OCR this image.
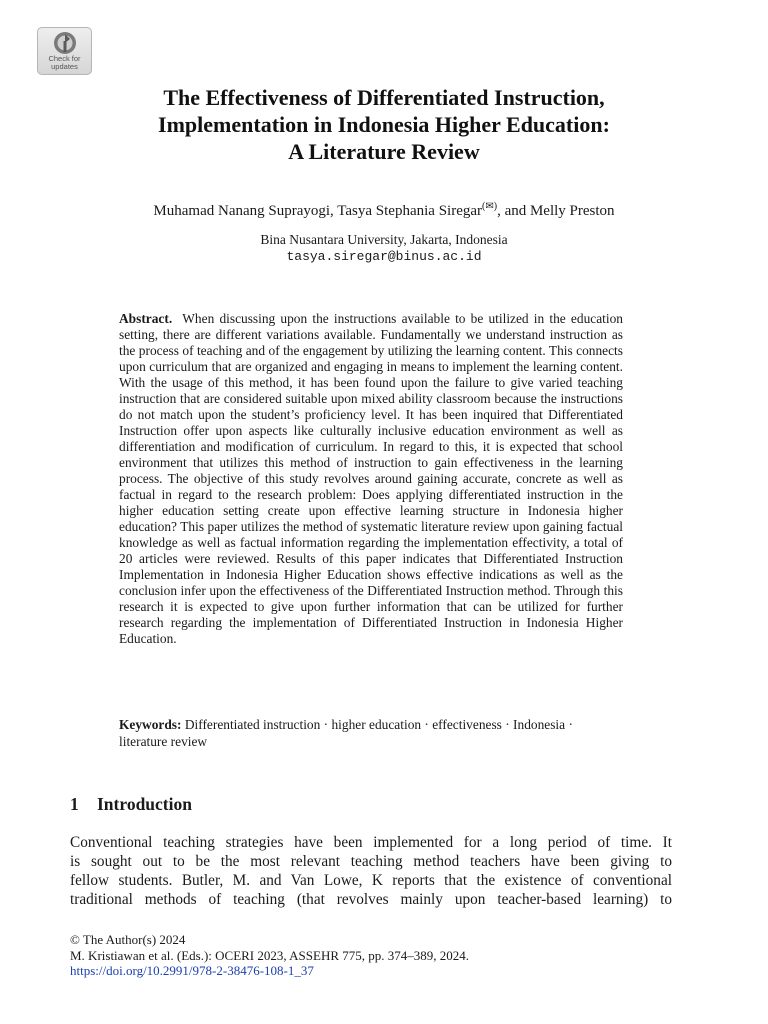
Check for
updates
The Effectiveness of Differentiated Instruction,
Implementation in Indonesia Higher Education:
A Literature Review
Muhamad Nanang Suprayogi, Tasya Stephania Siregar(✉), and Melly Preston
Bina Nusantara University, Jakarta, Indonesia
tasya.siregar@binus.ac.id
Abstract. When discussing upon the instructions available to be utilized in the education setting, there are different variations available. Fundamentally we understand instruction as the process of teaching and of the engagement by utilizing the learning content. This connects upon curriculum that are organized and engaging in means to implement the learning content. With the usage of this method, it has been found upon the failure to give varied teaching instruction that are considered suitable upon mixed ability classroom because the instructions do not match upon the student’s proficiency level. It has been inquired that Differentiated Instruction offer upon aspects like culturally inclusive education environment as well as differentiation and modification of curriculum. In regard to this, it is expected that school environment that utilizes this method of instruction to gain effectiveness in the learning process. The objective of this study revolves around gaining accurate, concrete as well as factual in regard to the research problem: Does applying differentiated instruction in the higher education setting create upon effective learning structure in Indonesia higher education? This paper utilizes the method of systematic literature review upon gaining factual knowledge as well as factual information regarding the implementation effectivity, a total of 20 articles were reviewed. Results of this paper indicates that Differentiated Instruction Implementation in Indonesia Higher Education shows effective indications as well as the conclusion infer upon the effectiveness of the Differentiated Instruction method. Through this research it is expected to give upon further information that can be utilized for further research regarding the implementation of Differentiated Instruction in Indonesia Higher Education.
Keywords: Differentiated instruction · higher education · effectiveness · Indonesia · literature review
1 Introduction
Conventional teaching strategies have been implemented for a long period of time. It
is sought out to be the most relevant teaching method teachers have been giving to
fellow students. Butler, M. and Van Lowe, K reports that the existence of conventional
traditional methods of teaching (that revolves mainly upon teacher-based learning) to
© The Author(s) 2024
M. Kristiawan et al. (Eds.): OCERI 2023, ASSEHR 775, pp. 374–389, 2024.
https://doi.org/10.2991/978-2-38476-108-1_37
